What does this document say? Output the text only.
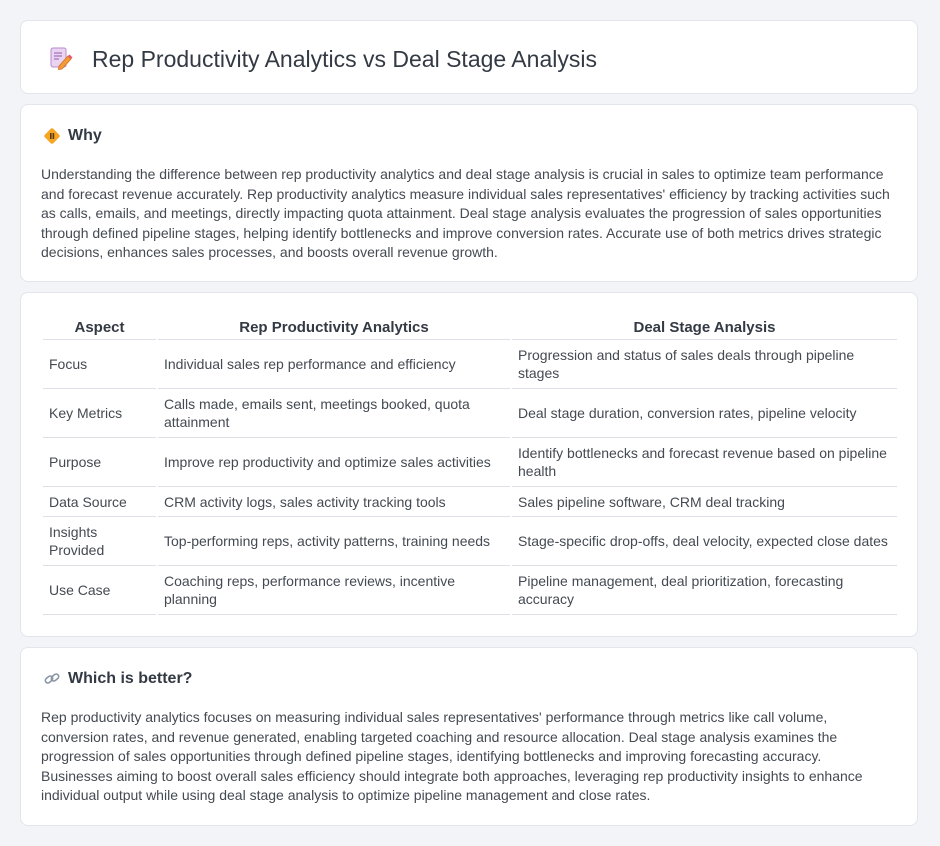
Rep Productivity Analytics vs Deal Stage Analysis
Why

Understanding the difference between rep productivity analytics and deal stage analysis is crucial in sales to optimize team performance and forecast revenue accurately. Rep productivity analytics measure individual sales representatives' efficiency by tracking activities such as calls, emails, and meetings, directly impacting quota attainment. Deal stage analysis evaluates the progression of sales opportunities through defined pipeline stages, helping identify bottlenecks and improve conversion rates. Accurate use of both metrics drives strategic decisions, enhances sales processes, and boosts overall revenue growth.

Aspect	Rep Productivity Analytics	Deal Stage Analysis
Focus	Individual sales rep performance and efficiency	Progression and status of sales deals through pipeline stages
Key Metrics	Calls made, emails sent, meetings booked, quota attainment	Deal stage duration, conversion rates, pipeline velocity
Purpose	Improve rep productivity and optimize sales activities	Identify bottlenecks and forecast revenue based on pipeline health
Data Source	CRM activity logs, sales activity tracking tools	Sales pipeline software, CRM deal tracking
Insights Provided	Top-performing reps, activity patterns, training needs	Stage-specific drop-offs, deal velocity, expected close dates
Use Case	Coaching reps, performance reviews, incentive planning	Pipeline management, deal prioritization, forecasting accuracy
Which is better?

Rep productivity analytics focuses on measuring individual sales representatives' performance through metrics like call volume, conversion rates, and revenue generated, enabling targeted coaching and resource allocation. Deal stage analysis examines the progression of sales opportunities through defined pipeline stages, identifying bottlenecks and improving forecasting accuracy. Businesses aiming to boost overall sales efficiency should integrate both approaches, leveraging rep productivity insights to enhance individual output while using deal stage analysis to optimize pipeline management and close rates.
